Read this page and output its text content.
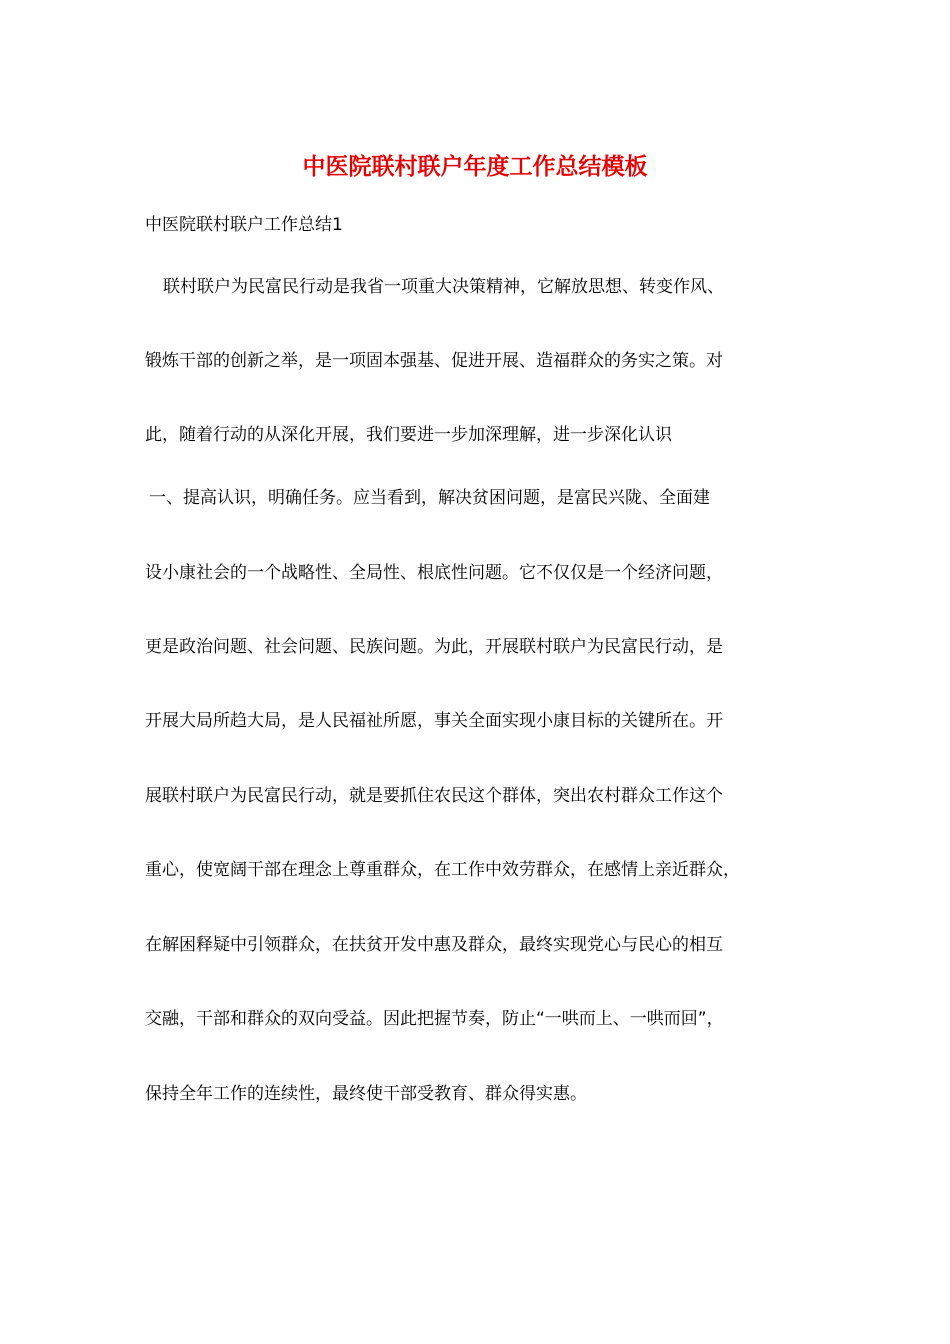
中医院联村联户年度工作总结模板
中医院联村联户工作总结1
联村联户为民富民行动是我省一项重大决策精神，它解放思想、转变作风、
锻炼干部的创新之举，是一项固本强基、促进开展、造福群众的务实之策。对
此，随着行动的从深化开展，我们要进一步加深理解，进一步深化认识
一、提高认识，明确任务。应当看到，解决贫困问题，是富民兴陇、全面建
设小康社会的一个战略性、全局性、根底性问题。它不仅仅是一个经济问题，
更是政治问题、社会问题、民族问题。为此，开展联村联户为民富民行动，是
开展大局所趋大局，是人民福祉所愿，事关全面实现小康目标的关键所在。开
展联村联户为民富民行动，就是要抓住农民这个群体，突出农村群众工作这个
重心，使宽阔干部在理念上尊重群众，在工作中效劳群众，在感情上亲近群众，
在解困释疑中引领群众，在扶贫开发中惠及群众，最终实现党心与民心的相互
交融，干部和群众的双向受益。因此把握节奏，防止“一哄而上、一哄而回”，
保持全年工作的连续性，最终使干部受教育、群众得实惠。
